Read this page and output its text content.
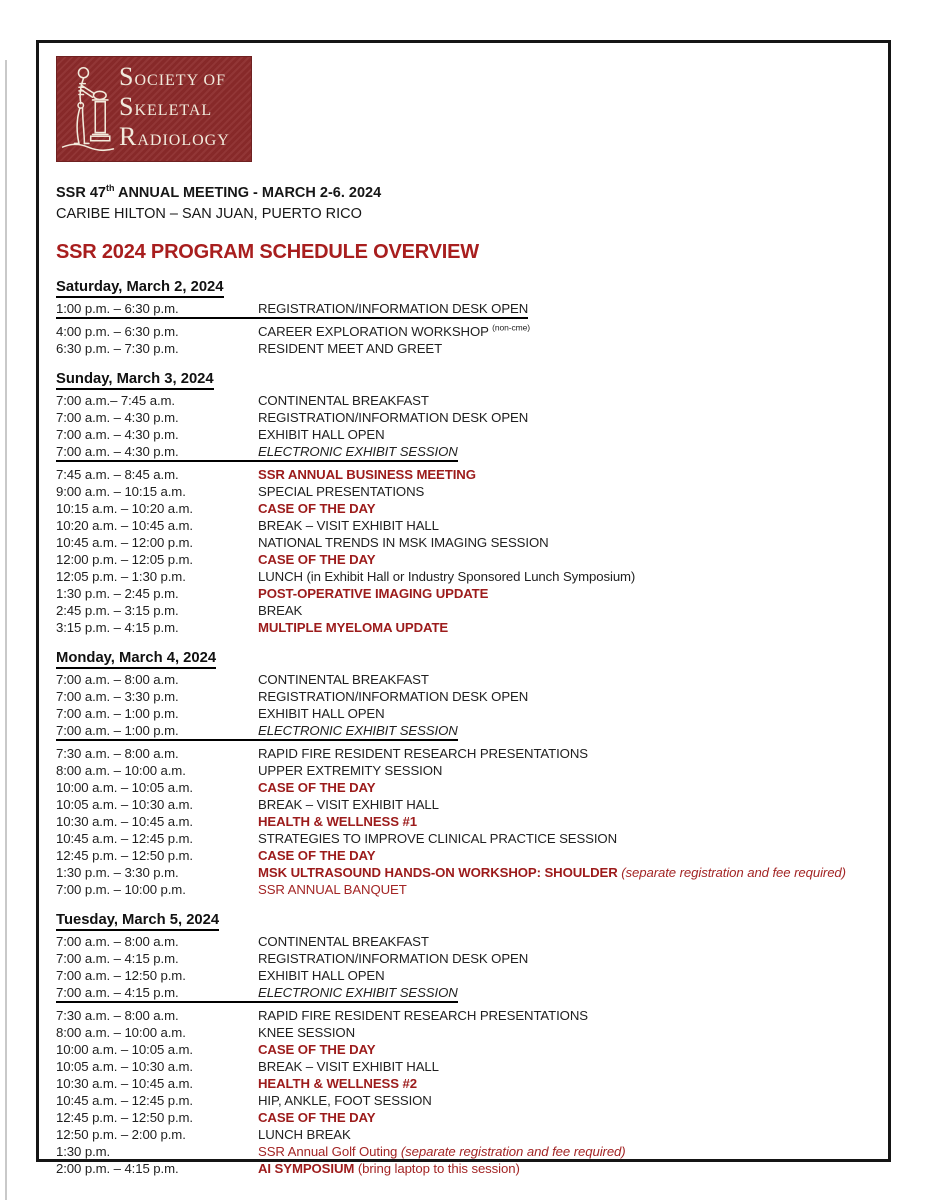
SOCIETY OF
SKELETAL
RADIOLOGY
SSR 47th ANNUAL MEETING - MARCH 2-6. 2024
CARIBE HILTON – SAN JUAN, PUERTO RICO
SSR 2024 PROGRAM SCHEDULE OVERVIEW
Saturday, March 2, 2024
1:00 p.m. – 6:30 p.m.	REGISTRATION/INFORMATION DESK OPEN
4:00 p.m. – 6:30 p.m.	CAREER EXPLORATION WORKSHOP $^{(non-cme)}$
6:30 p.m. – 7:30 p.m.	RESIDENT MEET AND GREET
Sunday, March 3, 2024
7:00 a.m.– 7:45 a.m.	CONTINENTAL BREAKFAST
7:00 a.m. – 4:30 p.m.	REGISTRATION/INFORMATION DESK OPEN
7:00 a.m. – 4:30 p.m.	EXHIBIT HALL OPEN
7:00 a.m. – 4:30 p.m.	ELECTRONIC EXHIBIT SESSION
7:45 a.m. – 8:45 a.m.	SSR ANNUAL BUSINESS MEETING
9:00 a.m. – 10:15 a.m.	SPECIAL PRESENTATIONS
10:15 a.m. – 10:20 a.m.	CASE OF THE DAY
10:20 a.m. – 10:45 a.m.	BREAK – VISIT EXHIBIT HALL
10:45 a.m. – 12:00 p.m.	NATIONAL TRENDS IN MSK IMAGING SESSION
12:00 p.m. – 12:05 p.m.	CASE OF THE DAY
12:05 p.m. – 1:30 p.m.	LUNCH (in Exhibit Hall or Industry Sponsored Lunch Symposium)
1:30 p.m. – 2:45 p.m.	POST-OPERATIVE IMAGING UPDATE
2:45 p.m. – 3:15 p.m.	BREAK
3:15 p.m. – 4:15 p.m.	MULTIPLE MYELOMA UPDATE
Monday, March 4, 2024
7:00 a.m. – 8:00 a.m.	CONTINENTAL BREAKFAST
7:00 a.m. – 3:30 p.m.	REGISTRATION/INFORMATION DESK OPEN
7:00 a.m. – 1:00 p.m.	EXHIBIT HALL OPEN
7:00 a.m. – 1:00 p.m.	ELECTRONIC EXHIBIT SESSION
7:30 a.m. – 8:00 a.m.	RAPID FIRE RESIDENT RESEARCH PRESENTATIONS
8:00 a.m. – 10:00 a.m.	UPPER EXTREMITY SESSION
10:00 a.m. – 10:05 a.m.	CASE OF THE DAY
10:05 a.m. – 10:30 a.m.	BREAK – VISIT EXHIBIT HALL
10:30 a.m. – 10:45 a.m.	HEALTH & WELLNESS #1
10:45 a.m. – 12:45 p.m.	STRATEGIES TO IMPROVE CLINICAL PRACTICE SESSION
12:45 p.m. – 12:50 p.m.	CASE OF THE DAY
1:30 p.m. – 3:30 p.m.	MSK ULTRASOUND HANDS-ON WORKSHOP: SHOULDER (separate registration and fee required)
7:00 p.m. – 10:00 p.m.	SSR ANNUAL BANQUET
Tuesday, March 5, 2024
7:00 a.m. – 8:00 a.m.	CONTINENTAL BREAKFAST
7:00 a.m. – 4:15 p.m.	REGISTRATION/INFORMATION DESK OPEN
7:00 a.m. – 12:50 p.m.	EXHIBIT HALL OPEN
7:00 a.m. – 4:15 p.m.	ELECTRONIC EXHIBIT SESSION
7:30 a.m. – 8:00 a.m.	RAPID FIRE RESIDENT RESEARCH PRESENTATIONS
8:00 a.m. – 10:00 a.m.	KNEE SESSION
10:00 a.m. – 10:05 a.m.	CASE OF THE DAY
10:05 a.m. – 10:30 a.m.	BREAK – VISIT EXHIBIT HALL
10:30 a.m. – 10:45 a.m.	HEALTH & WELLNESS #2
10:45 a.m. – 12:45 p.m.	HIP, ANKLE, FOOT SESSION
12:45 p.m. – 12:50 p.m.	CASE OF THE DAY
12:50 p.m. – 2:00 p.m.	LUNCH BREAK
1:30 p.m.	SSR Annual Golf Outing (separate registration and fee required)
2:00 p.m. – 4:15 p.m.	AI SYMPOSIUM (bring laptop to this session)
